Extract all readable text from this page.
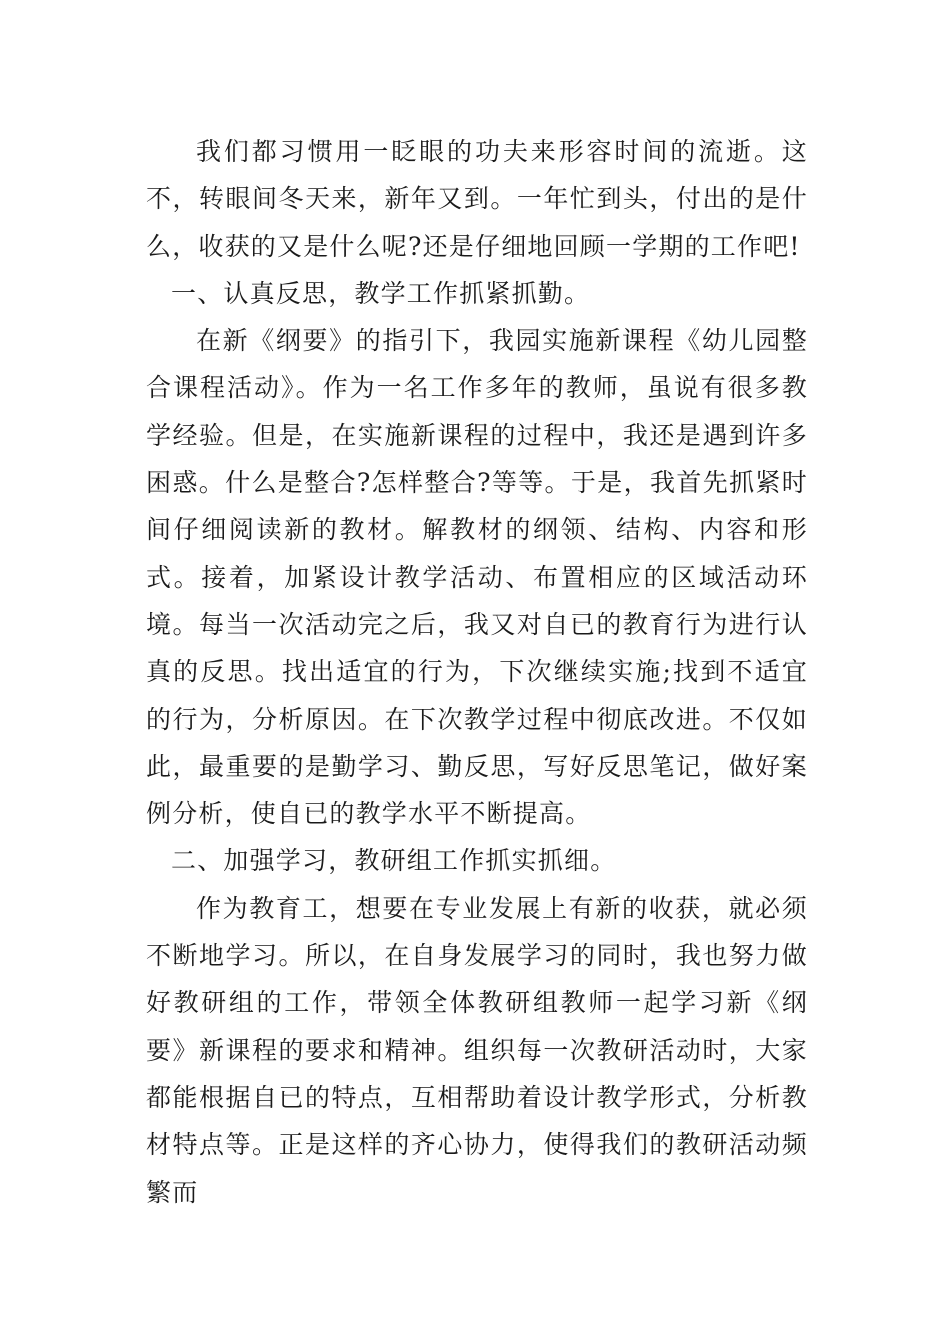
我们都习惯用一眨眼的功夫来形容时间的流逝。这不，转眼间冬天来，新年又到。一年忙到头，付出的是什么，收获的又是什么呢?还是仔细地回顾一学期的工作吧!

一、认真反思，教学工作抓紧抓勤。

在新《纲要》的指引下，我园实施新课程《幼儿园整合课程活动》。作为一名工作多年的教师，虽说有很多教学经验。但是，在实施新课程的过程中，我还是遇到许多困惑。什么是整合?怎样整合?等等。于是，我首先抓紧时间仔细阅读新的教材。解教材的纲领、结构、内容和形式。接着，加紧设计教学活动、布置相应的区域活动环境。每当一次活动完之后，我又对自已的教育行为进行认真的反思。找出适宜的行为，下次继续实施;找到不适宜的行为，分析原因。在下次教学过程中彻底改进。不仅如此，最重要的是勤学习、勤反思，写好反思笔记，做好案例分析，使自已的教学水平不断提高。

二、加强学习，教研组工作抓实抓细。

作为教育工，想要在专业发展上有新的收获，就必须不断地学习。所以，在自身发展学习的同时，我也努力做好教研组的工作，带领全体教研组教师一起学习新《纲要》新课程的要求和精神。组织每一次教研活动时，大家都能根据自已的特点，互相帮助着设计教学形式，分析教材特点等。正是这样的齐心协力，使得我们的教研活动频繁而
